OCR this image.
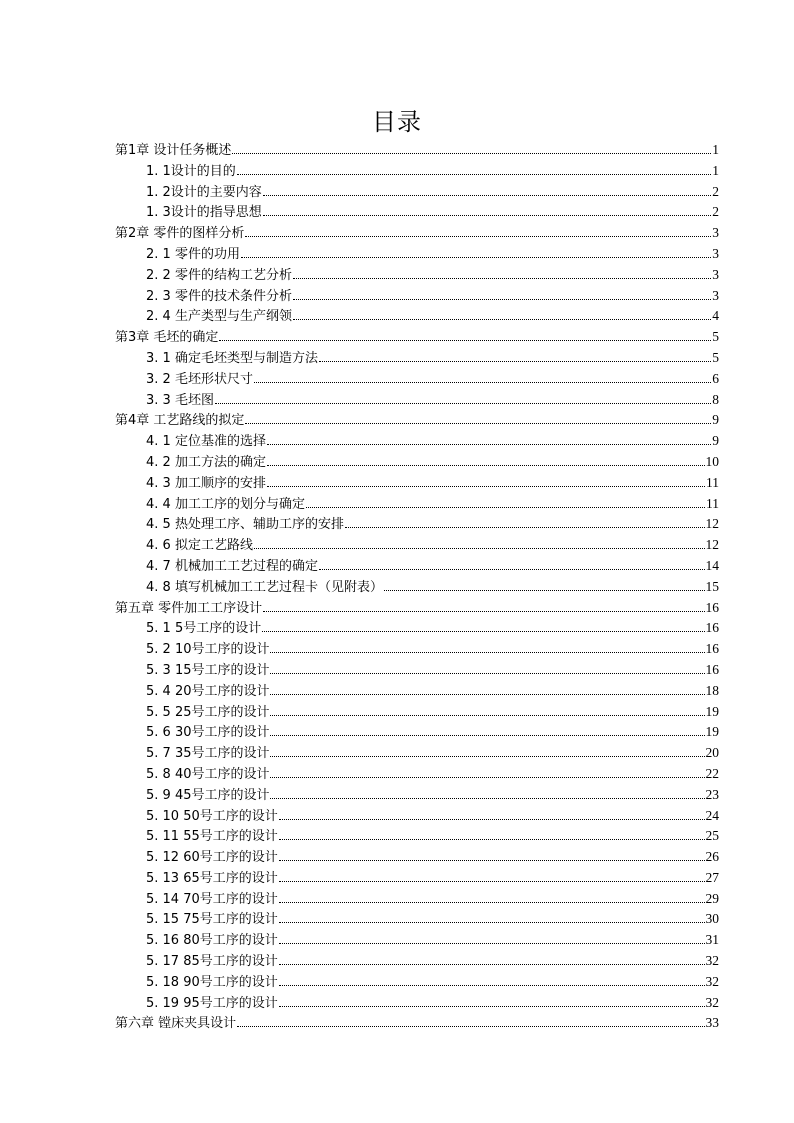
目录
第1章 设计任务概述	1
1. 1设计的目的	1
1. 2设计的主要内容	2
1. 3设计的指导思想	2
第2章 零件的图样分析	3
2. 1 零件的功用	3
2. 2 零件的结构工艺分析	3
2. 3 零件的技术条件分析	3
2. 4 生产类型与生产纲领	4
第3章 毛坯的确定	5
3. 1 确定毛坯类型与制造方法	5
3. 2 毛坯形状尺寸	6
3. 3 毛坯图	8
第4章 工艺路线的拟定	9
4. 1 定位基准的选择	9
4. 2 加工方法的确定	10
4. 3 加工顺序的安排	11
4. 4 加工工序的划分与确定	11
4. 5 热处理工序、辅助工序的安排	12
4. 6 拟定工艺路线	12
4. 7 机械加工工艺过程的确定	14
4. 8 填写机械加工工艺过程卡（见附表）	15
第五章 零件加工工序设计	16
5. 1 5号工序的设计	16
5. 2 10号工序的设计	16
5. 3 15号工序的设计	16
5. 4 20号工序的设计	18
5. 5 25号工序的设计	19
5. 6 30号工序的设计	19
5. 7 35号工序的设计	20
5. 8 40号工序的设计	22
5. 9 45号工序的设计	23
5. 10 50号工序的设计	24
5. 11 55号工序的设计	25
5. 12 60号工序的设计	26
5. 13 65号工序的设计	27
5. 14 70号工序的设计	29
5. 15 75号工序的设计	30
5. 16 80号工序的设计	31
5. 17 85号工序的设计	32
5. 18 90号工序的设计	32
5. 19 95号工序的设计	32
第六章 镗床夹具设计	33
